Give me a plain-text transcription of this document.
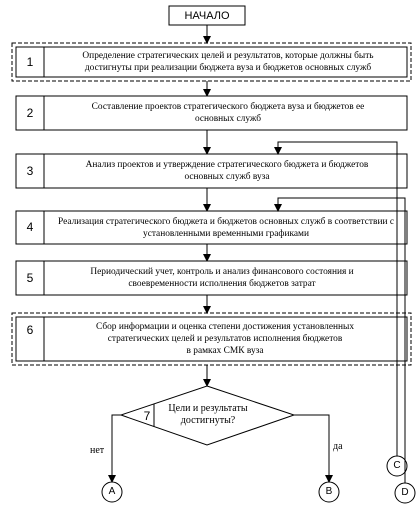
НАЧАЛО
1	Определение стратегических целей и результатов, которые должны быть достигнуты при реализации бюджета вуза и бюджетов основных служб
2	Составление проектов стратегического бюджета вуза и бюджетов ее основных служб
3	Анализ проектов и утверждение стратегического бюджета и бюджетов основных служб вуза
4	Реализация стратегического бюджета и бюджетов основных служб в соответствии с установленными временными графиками
5	Периодический учет, контроль и анализ финансового состояния и своевременности исполнения бюджетов затрат
6	Сбор информации и оценка степени достижения установленных стратегических целей и результатов исполнения бюджетов
в рамках СМК вуза
7
Цели и результаты
достигнуты?
нет	да
A	B
C
D
